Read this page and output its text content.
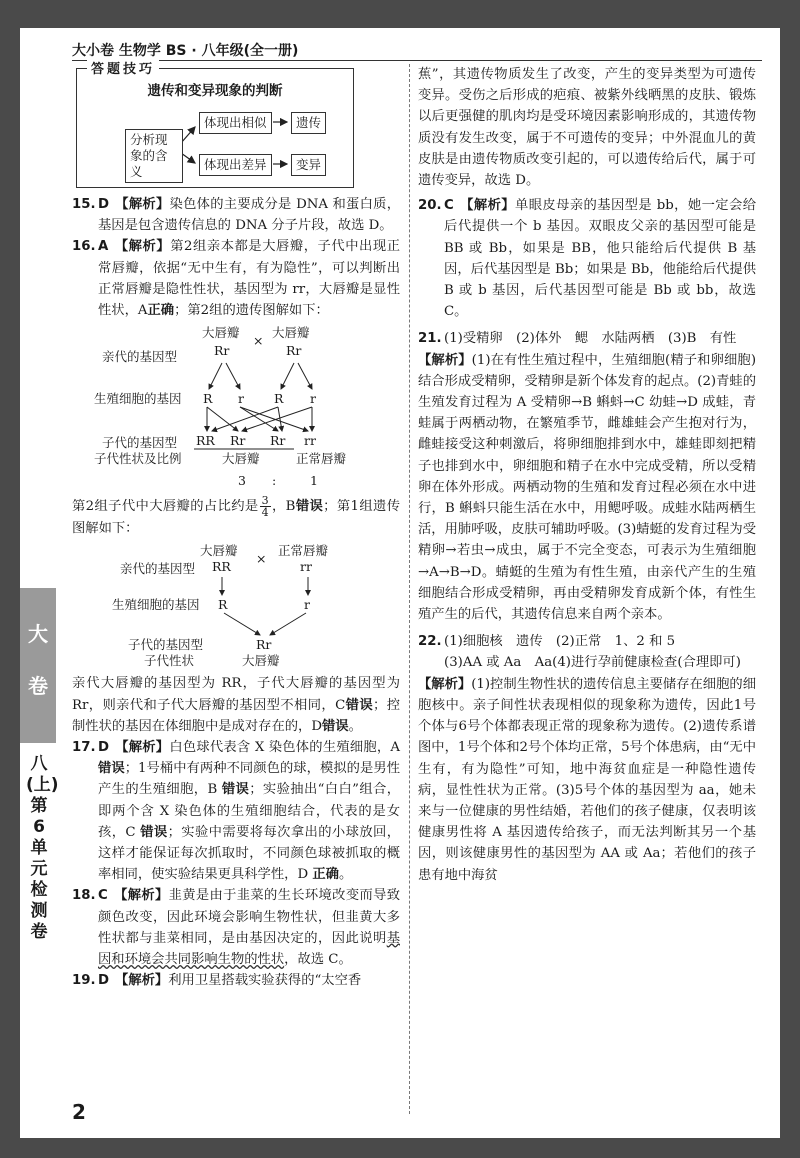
大小卷 生物学 BS · 八年级(全一册)
答题技巧
遗传和变异现象的判断
分析现象的含义
体现出相似
体现出差异
遗传
变异

15. D 【解析】染色体的主要成分是 DNA 和蛋白质，基因是包含遗传信息的 DNA 分子片段，故选 D。

16. A 【解析】第2组亲本都是大唇瓣，子代中出现正常唇瓣，依据“无中生有，有为隐性”，可以判断出正常唇瓣是隐性性状，基因型为 rr，大唇瓣是显性性状，A正确；第2组的遗传图解如下：

亲代的基因型
大唇瓣
×
大唇瓣
Rr	Rr
生殖细胞的基因 R r R r
子代的基因型 RR Rr Rr rr
子代性状及比例	大唇瓣	正常唇瓣
3 :	1

第2组子代中大唇瓣的占比约是 $\frac{3}{4}$ ，B错误；第1组遗传图解如下：

亲代的基因型
大唇瓣
×
正常唇瓣
RR	rr
生殖细胞的基因 R	r
子代的基因型	Rr
子代性状	大唇瓣

亲代大唇瓣的基因型为 RR，子代大唇瓣的基因型为 Rr，则亲代和子代大唇瓣的基因型不相同，C错误；控制性状的基因在体细胞中是成对存在的，D错误。

17. D 【解析】白色球代表含 X 染色体的生殖细胞，A 错误；1号桶中有两种不同颜色的球，模拟的是男性产生的生殖细胞，B 错误；实验抽出“白白”组合，即两个含 X 染色体的生殖细胞结合，代表的是女孩，C 错误；实验中需要将每次拿出的小球放回，这样才能保证每次抓取时，不同颜色球被抓取的概率相同，使实验结果更具科学性，D 正确。

18. C 【解析】韭黄是由于韭菜的生长环境改变而导致颜色改变，因此环境会影响生物性状，但韭黄大多性状都与韭菜相同，是由基因决定的，因此说明基因和环境会共同影响生物的性状，故选 C。

19. D 【解析】利用卫星搭载实验获得的“太空香

蕉”，其遗传物质发生了改变，产生的变异类型为可遗传变异。受伤之后形成的疤痕、被紫外线晒黑的皮肤、锻炼以后更强健的肌肉均是受环境因素影响形成的，其遗传物质没有发生改变，属于不可遗传的变异；中外混血儿的黄皮肤是由遗传物质改变引起的，可以遗传给后代，属于可遗传变异，故选 D。

20. C 【解析】单眼皮母亲的基因型是 bb，她一定会给后代提供一个 b 基因。双眼皮父亲的基因型可能是 BB 或 Bb，如果是 BB，他只能给后代提供 B 基因，后代基因型是 Bb；如果是 Bb，他能给后代提供 B 或 b 基因，后代基因型可能是 Bb 或 bb，故选 C。

21. (1)受精卵　(2)体外　鳃　水陆两栖　(3)B　有性

【解析】(1)在有性生殖过程中，生殖细胞(精子和卵细胞)结合形成受精卵，受精卵是新个体发育的起点。(2)青蛙的生殖发育过程为 A 受精卵→B 蝌蚪→C 幼蛙→D 成蛙，青蛙属于两栖动物，在繁殖季节，雌雄蛙会产生抱对行为，雌蛙接受这种刺激后，将卵细胞排到水中，雄蛙即刻把精子也排到水中，卵细胞和精子在水中完成受精，所以受精卵在体外形成。两栖动物的生殖和发育过程必须在水中进行，B 蝌蚪只能生活在水中，用鳃呼吸。成蛙水陆两栖生活，用肺呼吸，皮肤可辅助呼吸。(3)蜻蜓的发育过程为受精卵→若虫→成虫，属于不完全变态，可表示为生殖细胞→A→B→D。蜻蜓的生殖为有性生殖，由亲代产生的生殖细胞结合形成受精卵，再由受精卵发育成新个体，有性生殖产生的后代，其遗传信息来自两个亲本。

22. (1)细胞核　遗传　(2)正常　1、2 和 5
(3)AA 或 Aa　Aa(4)进行孕前健康检查(合理即可)

【解析】(1)控制生物性状的遗传信息主要储存在细胞的细胞核中。亲子间性状表现相似的现象称为遗传，因此1号个体与6号个体都表现正常的现象称为遗传。(2)遗传系谱图中，1号个体和2号个体均正常，5号个体患病，由“无中生有，有为隐性”可知，地中海贫血症是一种隐性遗传病，显性性状为正常。(3)5号个体的基因型为 aa，她未来与一位健康的男性结婚，若他们的孩子健康，仅表明该健康男性将 A 基因遗传给孩子，而无法判断其另一个基因，则该健康男性的基因型为 AA 或 Aa；若他们的孩子患有地中海贫

大
卷
八(上) 第6单元检测卷
2
